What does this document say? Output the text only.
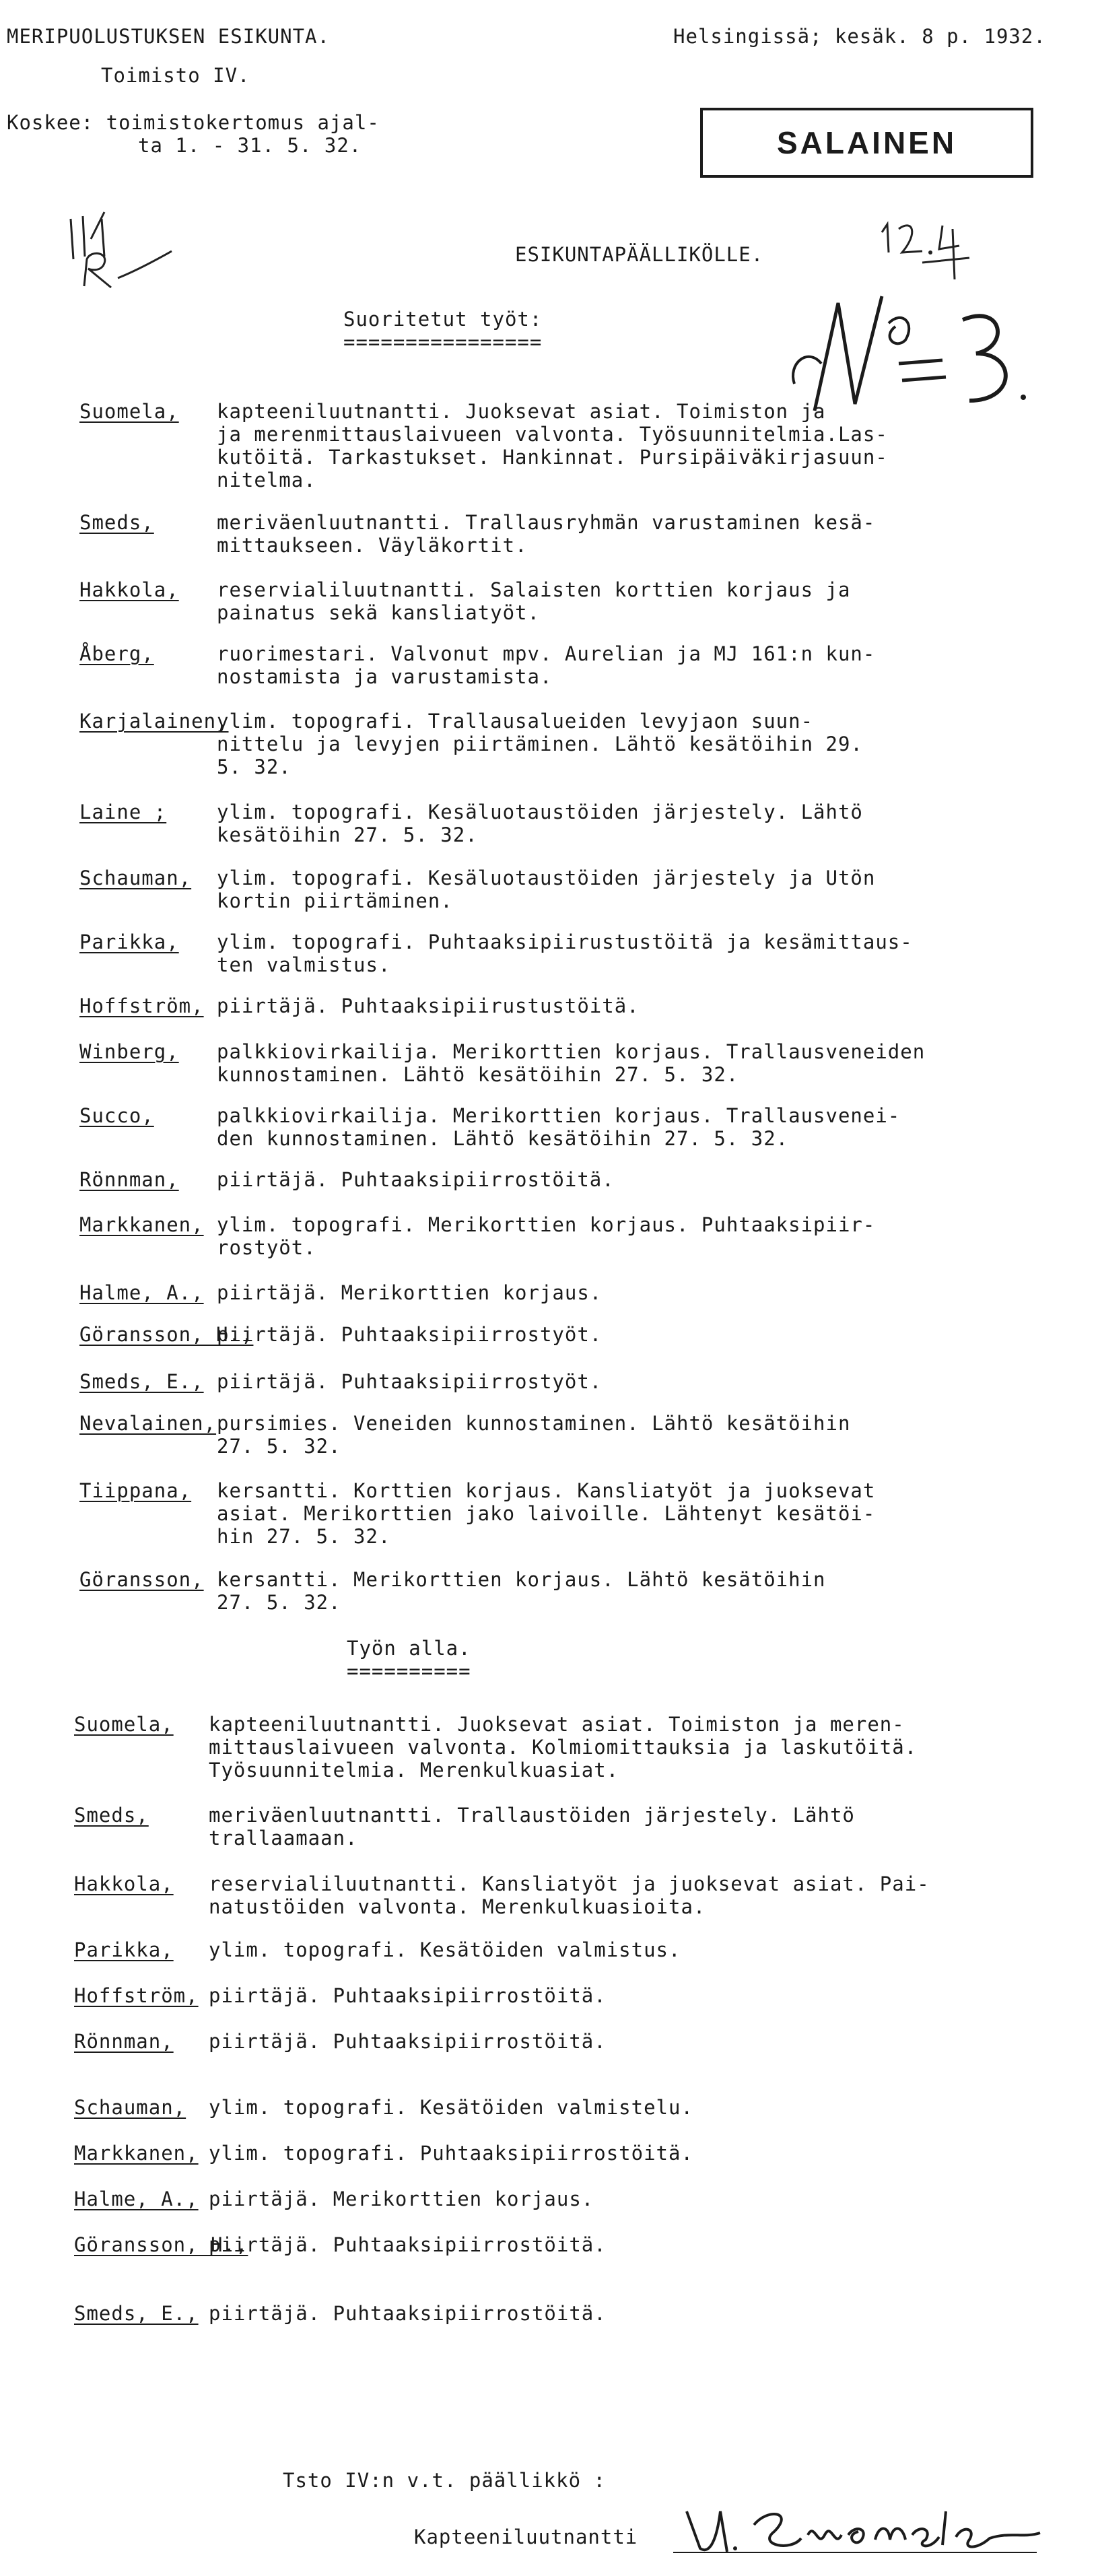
MERIPUOLUSTUKSEN ESIKUNTA.	Helsingissä; kesäk. 8 p. 1932.
Toimisto IV.
Koskee: toimistokertomus ajal-
ta 1. - 31. 5. 32.	SALAINEN
ESIKUNTAPÄÄLLIKÖLLE.
Suoritetut työt:
================
Suomela, kapteeniluutnantti. Juoksevat asiat. Toimiston ja
ja merenmittauslaivueen valvonta. Työsuunnitelmia.Las-
kutöitä. Tarkastukset. Hankinnat. Pursipäiväkirjasuun-
nitelma.
Smeds,	meriväenluutnantti. Trallausryhmän varustaminen kesä-
mittaukseen. Väyläkortit.
Hakkola, reservialiluutnantti. Salaisten korttien korjaus ja
painatus sekä kansliatyöt.
Åberg,	ruorimestari. Valvonut mpv. Aurelian ja MJ 161:n kun-
nostamista ja varustamista.
Karjalainen,
ylim. topografi. Trallausalueiden levyjaon suun-
nittelu ja levyjen piirtäminen. Lähtö kesätöihin 29.
5. 32.
Laine ;	ylim. topografi. Kesäluotaustöiden järjestely. Lähtö
kesätöihin 27. 5. 32.
Schauman, ylim. topografi. Kesäluotaustöiden järjestely ja Utön
kortin piirtäminen.
Parikka, ylim. topografi. Puhtaaksipiirustustöitä ja kesämittaus-
ten valmistus.
Hoffström, piirtäjä. Puhtaaksipiirustustöitä.
Winberg, palkkiovirkailija. Merikorttien korjaus. Trallausveneiden
kunnostaminen. Lähtö kesätöihin 27. 5. 32.
Succo,	palkkiovirkailija. Merikorttien korjaus. Trallausvenei-
den kunnostaminen. Lähtö kesätöihin 27. 5. 32.
Rönnman, piirtäjä. Puhtaaksipiirrostöitä.
Markkanen, ylim. topografi. Merikorttien korjaus. Puhtaaksipiir-
rostyöt.
Halme, A., piirtäjä. Merikorttien korjaus.
Göransson, H.,
piirtäjä. Puhtaaksipiirrostyöt.
Smeds, E., piirtäjä. Puhtaaksipiirrostyöt.
Nevalainen, pursimies. Veneiden kunnostaminen. Lähtö kesätöihin
27. 5. 32.
Tiippana, kersantti. Korttien korjaus. Kansliatyöt ja juoksevat
asiat. Merikorttien jako laivoille. Lähtenyt kesätöi-
hin 27. 5. 32.
Göransson, kersantti. Merikorttien korjaus. Lähtö kesätöihin
27. 5. 32.
Työn alla.
==========
Suomela, kapteeniluutnantti. Juoksevat asiat. Toimiston ja meren-
mittauslaivueen valvonta. Kolmiomittauksia ja laskutöitä.
Työsuunnitelmia. Merenkulkuasiat.
Smeds,	meriväenluutnantti. Trallaustöiden järjestely. Lähtö
trallaamaan.
Hakkola, reservialiluutnantti. Kansliatyöt ja juoksevat asiat. Pai-
natustöiden valvonta. Merenkulkuasioita.
Parikka, ylim. topografi. Kesätöiden valmistus.
Hoffström, piirtäjä. Puhtaaksipiirrostöitä.
Rönnman, piirtäjä. Puhtaaksipiirrostöitä.
Schauman, ylim. topografi. Kesätöiden valmistelu.
Markkanen, ylim. topografi. Puhtaaksipiirrostöitä.
Halme, A., piirtäjä. Merikorttien korjaus.
Göransson, H.,
piirtäjä. Puhtaaksipiirrostöitä.
Smeds, E., piirtäjä. Puhtaaksipiirrostöitä.
Tsto IV:n v.t. päällikkö :
Kapteeniluutnantti
